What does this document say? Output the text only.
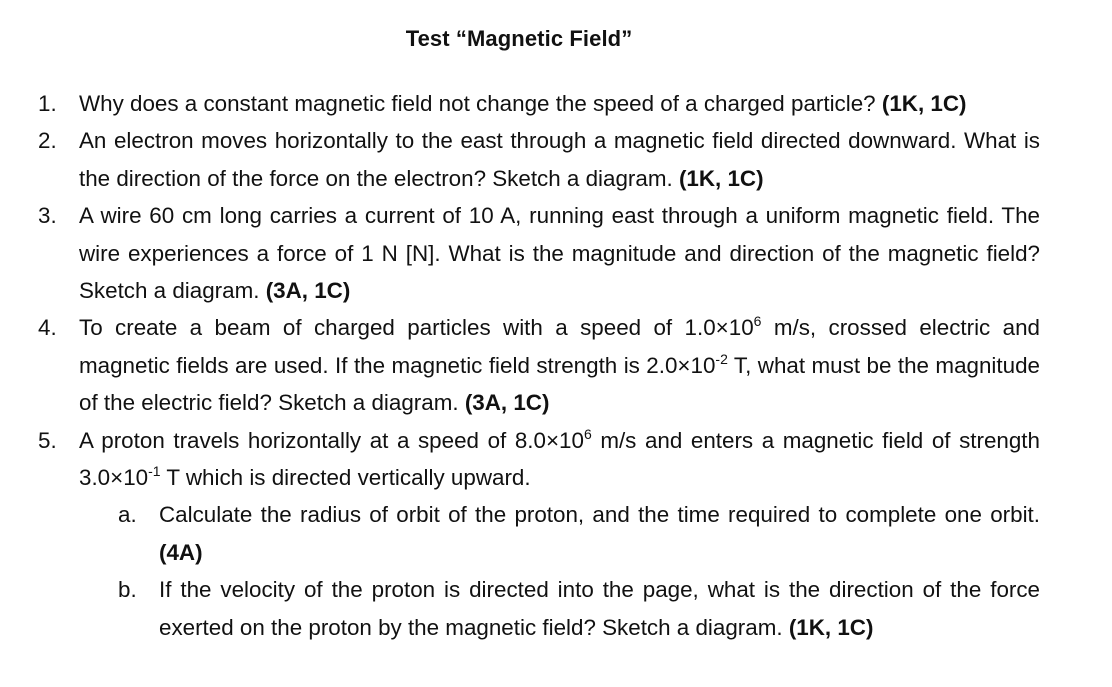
Test “Magnetic Field”
1. Why does a constant magnetic field not change the speed of a charged particle? (1K, 1C)
2. An electron moves horizontally to the east through a magnetic field directed downward. What is the direction of the force on the electron? Sketch a diagram. (1K, 1C)
3. A wire 60 cm long carries a current of 10 A, running east through a uniform magnetic field. The wire experiences a force of 1 N [N]. What is the magnitude and direction of the magnetic field? Sketch a diagram. (3A, 1C)
4. To create a beam of charged particles with a speed of $1.0\times 10^6$ m/s, crossed electric and magnetic fields are used. If the magnetic field strength is $2.0\times 10^{-2}$ T, what must be the magnitude of the electric field? Sketch a diagram. (3A, 1C)
5. A proton travels horizontally at a speed of $8.0\times 10^6$ m/s and enters a magnetic field of strength $3.0\times 10^{-1}$ T which is directed vertically upward.
a. Calculate the radius of orbit of the proton, and the time required to complete one orbit. (4A)
b. If the velocity of the proton is directed into the page, what is the direction of the force exerted on the proton by the magnetic field? Sketch a diagram. (1K, 1C)
